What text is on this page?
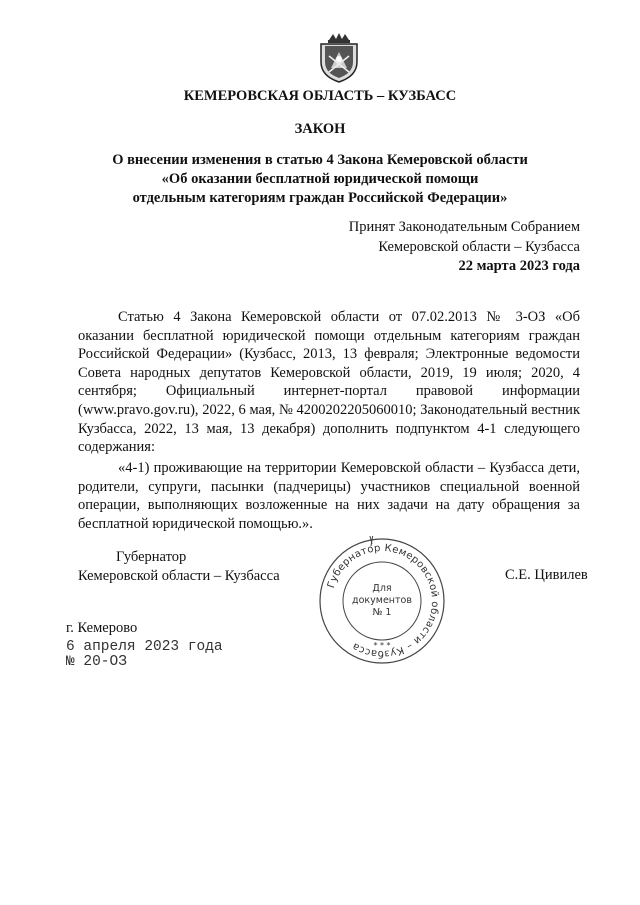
КЕМЕРОВСКАЯ ОБЛАСТЬ – КУЗБАСС
ЗАКОН
О внесении изменения в статью 4 Закона Кемеровской области
«Об оказании бесплатной юридической помощи
отдельным категориям граждан Российской Федерации»
Принят Законодательным Собранием
Кемеровской области – Кузбасса
22 марта 2023 года
Статью 4 Закона Кемеровской области от 07.02.2013 № 3-ОЗ «Об оказании бесплатной юридической помощи отдельным категориям граждан Российской Федерации» (Кузбасс, 2013, 13 февраля; Электронные ведомости Совета народных депутатов Кемеровской области, 2019, 19 июля; 2020, 4 сентября; Официальный интернет-портал правовой информации (www.pravo.gov.ru), 2022, 6 мая, № 4200202205060010; Законодательный вестник Кузбасса, 2022, 13 мая, 13 декабря) дополнить подпунктом 4-1 следующего содержания:
«4-1) проживающие на территории Кемеровской области – Кузбасса дети, родители, супруги, пасынки (падчерицы) участников специальной военной операции, выполняющих возложенные на них задачи на дату обращения за бесплатной юридической помощью.».
Губернатор
Кемеровской области – Кузбасса
Губернатор Кемеровской области – Кузбасса
Для
документов
№ 1
* * *
С.Е. Цивилев
г. Кемерово
6 апреля 2023 года
№ 20-ОЗ
